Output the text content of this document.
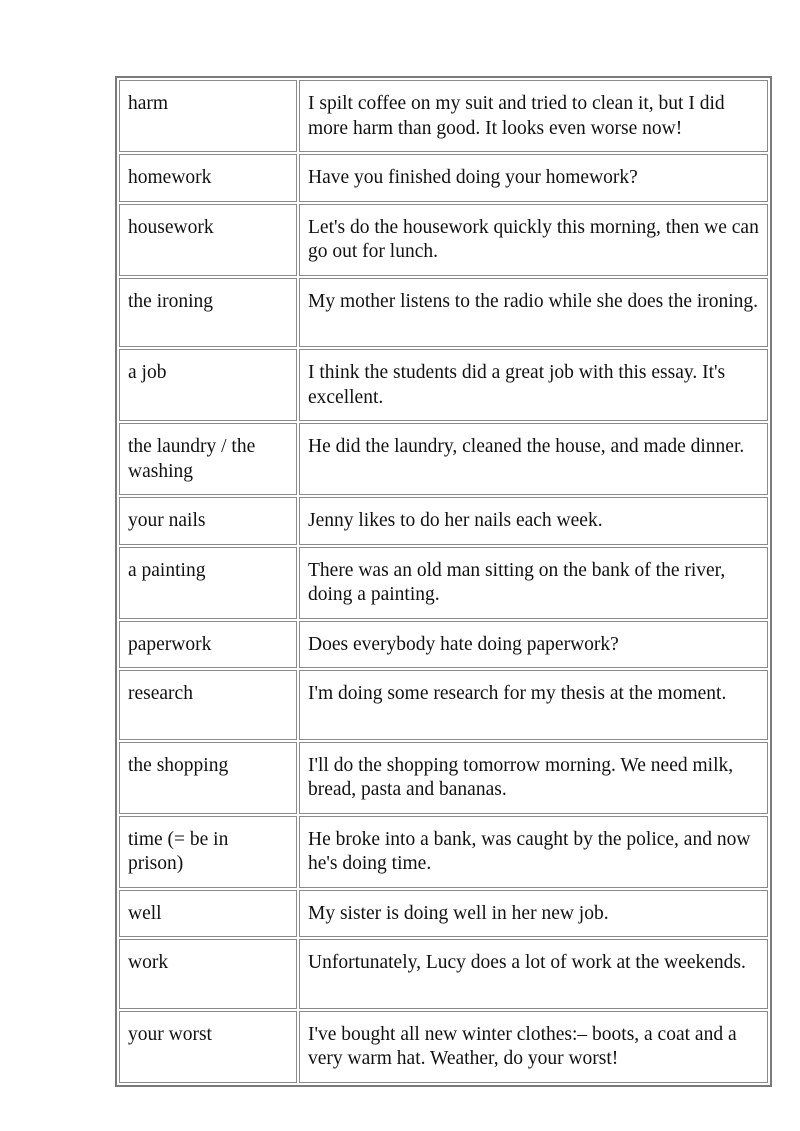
harm	I spilt coffee on my suit and tried to clean it, but I did more harm than good. It looks even worse now!
homework	Have you finished doing your homework?
housework	Let's do the housework quickly this morning, then we can go out for lunch.
the ironing	My mother listens to the radio while she does the ironing.
a job	I think the students did a great job with this essay. It's excellent.
the laundry / the washing	He did the laundry, cleaned the house, and made dinner.
your nails	Jenny likes to do her nails each week.
a painting	There was an old man sitting on the bank of the river, doing a painting.
paperwork	Does everybody hate doing paperwork?
research	I'm doing some research for my thesis at the moment.
the shopping	I'll do the shopping tomorrow morning. We need milk, bread, pasta and bananas.
time (= be in prison)	He broke into a bank, was caught by the police, and now he's doing time.
well	My sister is doing well in her new job.
work	Unfortunately, Lucy does a lot of work at the weekends.
your worst	I've bought all new winter clothes:– boots, a coat and a very warm hat. Weather, do your worst!
